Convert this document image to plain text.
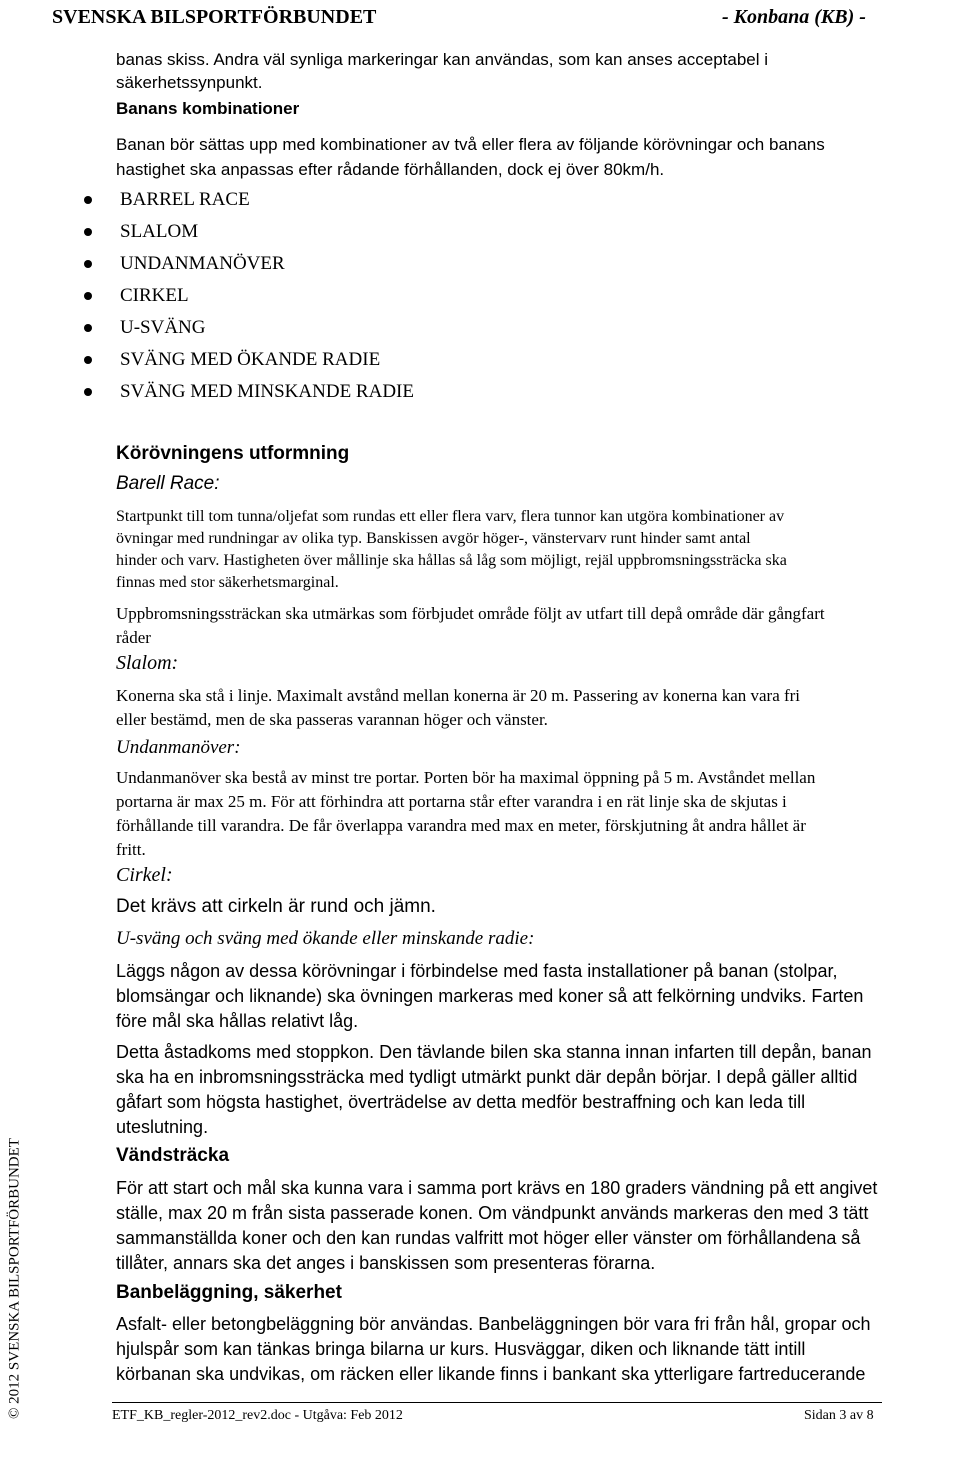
SVENSKA BILSPORTFÖRBUNDET	- Konbana (KB) -
banas skiss. Andra väl synliga markeringar kan användas, som kan anses acceptabel i
säkerhetssynpunkt.
Banans kombinationer
Banan bör sättas upp med kombinationer av två eller flera av följande körövningar och banans
hastighet ska anpassas efter rådande förhållanden, dock ej över 80km/h.
BARREL RACE
SLALOM
UNDANMANÖVER
CIRKEL
U-SVÄNG
SVÄNG MED ÖKANDE RADIE
SVÄNG MED MINSKANDE RADIE
Körövningens utformning
Barell Race:
Startpunkt till tom tunna/oljefat som rundas ett eller flera varv, flera tunnor kan utgöra kombinationer av
övningar med rundningar av olika typ. Banskissen avgör höger-, vänstervarv runt hinder samt antal
hinder och varv. Hastigheten över mållinje ska hållas så låg som möjligt, rejäl uppbromsningssträcka ska
finnas med stor säkerhetsmarginal.
Uppbromsningssträckan ska utmärkas som förbjudet område följt av utfart till depå område där gångfart
råder
Slalom:
Konerna ska stå i linje. Maximalt avstånd mellan konerna är 20 m. Passering av konerna kan vara fri
eller bestämd, men de ska passeras varannan höger och vänster.
Undanmanöver:
Undanmanöver ska bestå av minst tre portar. Porten bör ha maximal öppning på 5 m. Avståndet mellan
portarna är max 25 m. För att förhindra att portarna står efter varandra i en rät linje ska de skjutas i
förhållande till varandra. De får överlappa varandra med max en meter, förskjutning åt andra hållet är
fritt.
Cirkel:
Det krävs att cirkeln är rund och jämn.
U-sväng och sväng med ökande eller minskande radie:
Läggs någon av dessa körövningar i förbindelse med fasta installationer på banan (stolpar,
blomsängar och liknande) ska övningen markeras med koner så att felkörning undviks. Farten
före mål ska hållas relativt låg.
Detta åstadkoms med stoppkon. Den tävlande bilen ska stanna innan infarten till depån, banan
ska ha en inbromsningssträcka med tydligt utmärkt punkt där depån börjar. I depå gäller alltid
gåfart som högsta hastighet, överträdelse av detta medför bestraffning och kan leda till
uteslutning.
Vändsträcka
För att start och mål ska kunna vara i samma port krävs en 180 graders vändning på ett angivet
ställe, max 20 m från sista passerade konen. Om vändpunkt används markeras den med 3 tätt
sammanställda koner och den kan rundas valfritt mot höger eller vänster om förhållandena så
tillåter, annars ska det anges i banskissen som presenteras förarna.
Banbeläggning, säkerhet
Asfalt- eller betongbeläggning bör användas. Banbeläggningen bör vara fri från hål, gropar och
hjulspår som kan tänkas bringa bilarna ur kurs. Husväggar, diken och liknande tätt intill
körbanan ska undvikas, om räcken eller likande finns i bankant ska ytterligare fartreducerande
© 2012 SVENSKA BILSPORTFÖRBUNDET	ETF_KB_regler-2012_rev2.doc - Utgåva: Feb 2012	Sidan 3 av 8
